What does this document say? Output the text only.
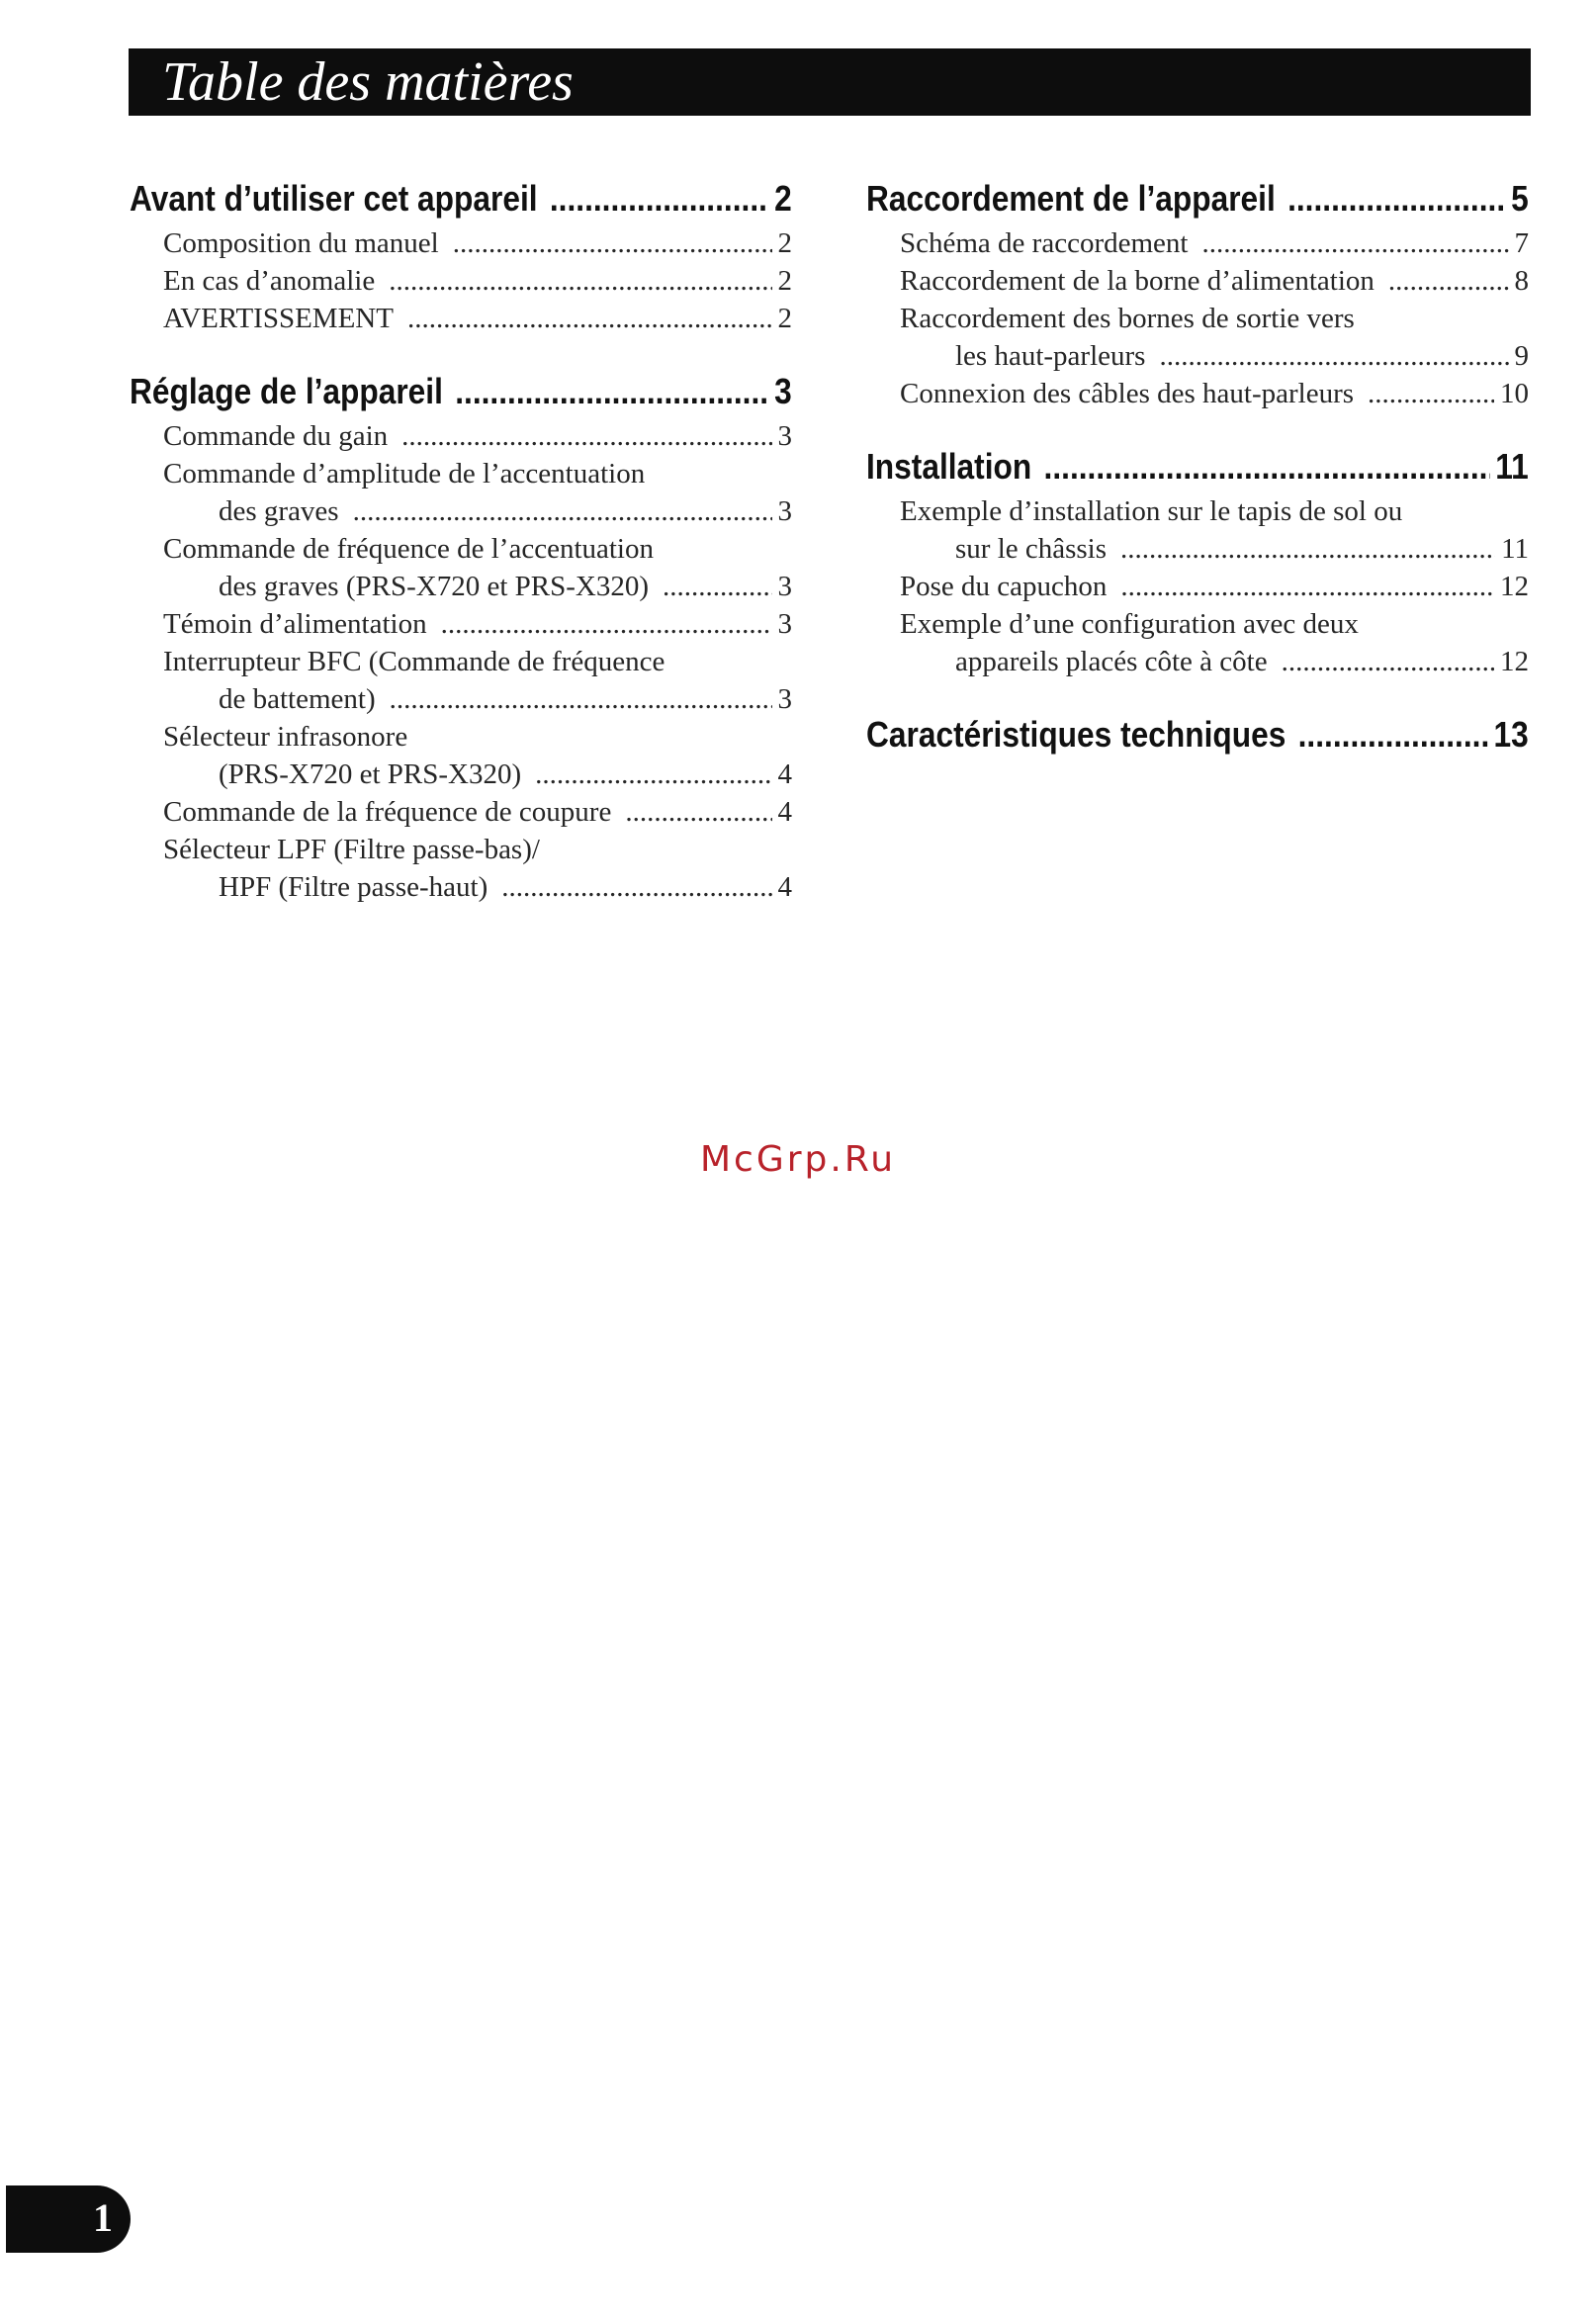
Table des matières
Avant d’utiliser cet appareil .....	2
Composition du manuel .....	2
En cas d’anomalie .....	2
AVERTISSEMENT .....	2
Réglage de l’appareil .....	3
Commande du gain .....	3
Commande d’amplitude de l’accentuation
des graves .....	3
Commande de fréquence de l’accentuation
des graves (PRS-X720 et PRS-X320) .....	3
Témoin d’alimentation .....	3
Interrupteur BFC (Commande de fréquence
de battement) .....	3
Sélecteur infrasonore
(PRS-X720 et PRS-X320) .....	4
Commande de la fréquence de coupure .....	4
Sélecteur LPF (Filtre passe-bas)/
HPF (Filtre passe-haut) .....	4
Raccordement de l’appareil .....	5
Schéma de raccordement .....	7
Raccordement de la borne d’alimentation .....	8
Raccordement des bornes de sortie vers
les haut-parleurs .....	9
Connexion des câbles des haut-parleurs .....	10
Installation .....	11
Exemple d’installation sur le tapis de sol ou
sur le châssis .....	11
Pose du capuchon .....	12
Exemple d’une configuration avec deux
appareils placés côte à côte .....	12
Caractéristiques techniques .....	13
McGrp.Ru
1
